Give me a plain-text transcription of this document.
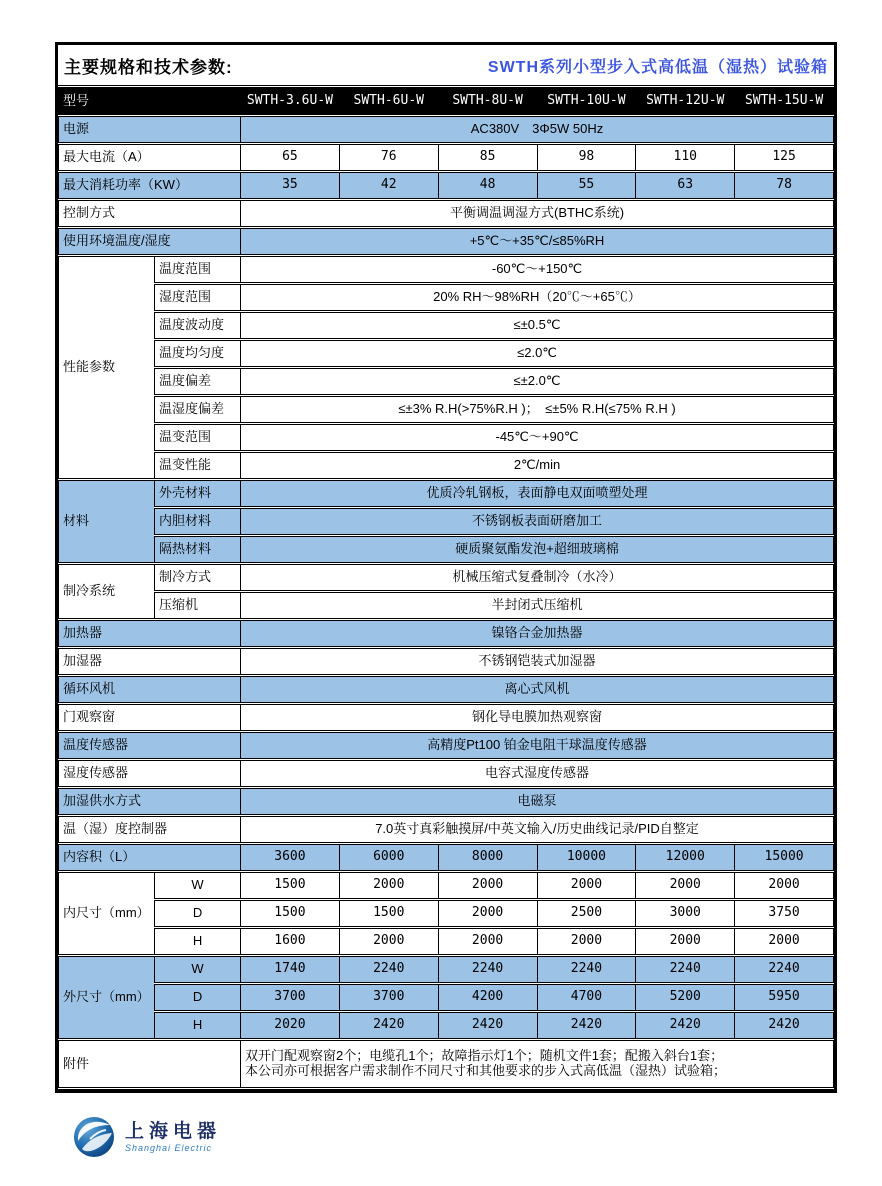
主要规格和技术参数:	SWTH系列小型步入式高低温（湿热）试验箱
型号		SWTH-3.6U-W	SWTH-6U-W	SWTH-8U-W	SWTH-10U-W	SWTH-12U-W	SWTH-15U-W
电源		AC380V　3Φ5W 50Hz					
最大电流（A）		65	76	85	98	110	125
最大消耗功率（KW）		35	42	48	55	63	78
控制方式		平衡调温调湿方式(BTHC系统)					
使用环境温度/湿度		+5℃～+35℃/≤85%RH					
性能参数	温度范围	-60℃～+150℃					
	湿度范围	20% RH～98%RH（20℃～+65℃）					
	温度波动度	≤±0.5℃					
	温度均匀度	≤2.0℃					
	温度偏差	≤±2.0℃					
	温湿度偏差	≤±3% R.H(>75%R.H )；　≤±5% R.H(≤75% R.H )					
	温变范围	-45℃～+90℃					
	温变性能	2℃/min					
材料	外壳材料	优质冷轧钢板，表面静电双面喷塑处理					
	内胆材料	不锈钢板表面研磨加工					
	隔热材料	硬质聚氨酯发泡+超细玻璃棉					
制冷系统	制冷方式	机械压缩式复叠制冷（水冷）					
	压缩机	半封闭式压缩机					
加热器		镍铬合金加热器					
加湿器		不锈钢铠装式加湿器					
循环风机		离心式风机					
门观察窗		钢化导电膜加热观察窗					
温度传感器		高精度Pt100 铂金电阻干球温度传感器					
湿度传感器		电容式湿度传感器					
加湿供水方式		电磁泵					
温（湿）度控制器		7.0英寸真彩触摸屏/中英文输入/历史曲线记录/PID自整定					
内容积（L）		3600	6000	8000	10000	12000	15000
内尺寸（mm）	W	1500	2000	2000	2000	2000	2000
	D	1500	1500	2000	2500	3000	3750
	H	1600	2000	2000	2000	2000	2000
外尺寸（mm）	W	1740	2240	2240	2240	2240	2240
	D	3700	3700	4200	4700	5200	5950
	H	2020	2420	2420	2420	2420	2420
附件		双开门配观察窗2个；电缆孔1个；故障指示灯1个；随机文件1套；配搬入斜台1套；
本公司亦可根据客户需求制作不同尺寸和其他要求的步入式高低温（湿热）试验箱；					
上海电器
Shanghai Electric
